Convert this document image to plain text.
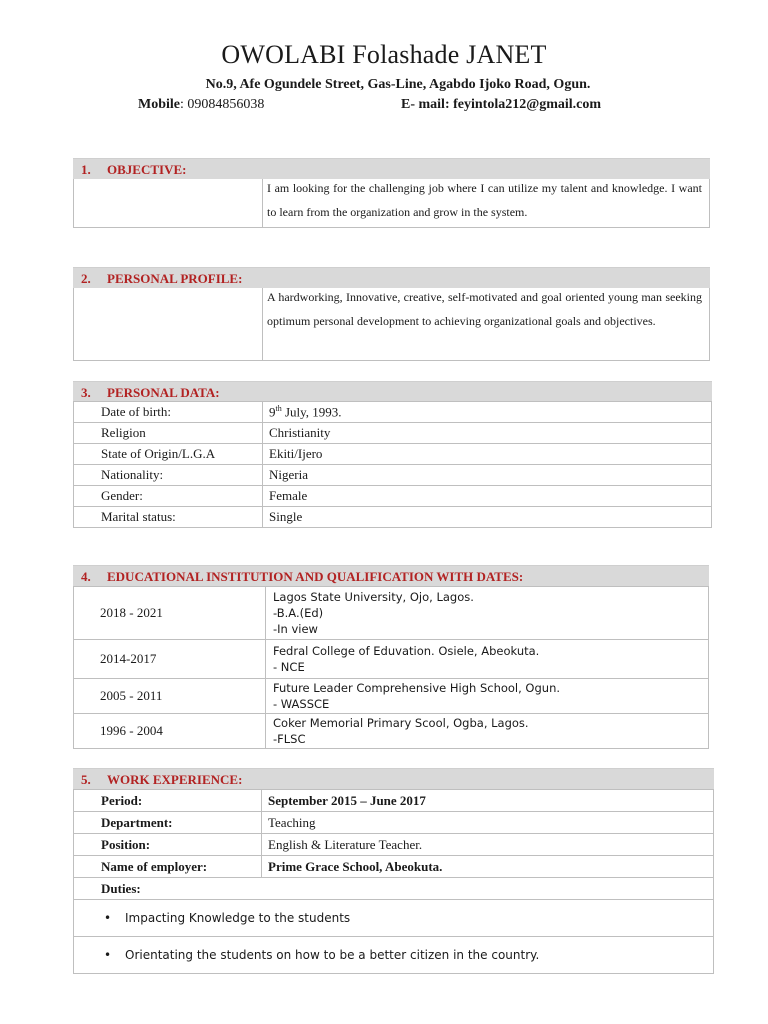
OWOLABI Folashade JANET
No.9, Afe Ogundele Street, Gas-Line, Agabdo Ijoko Road, Ogun.
Mobile: 09084856038	E- mail: feyintola212@gmail.com
1. OBJECTIVE:
I am looking for the challenging job where I can utilize my talent and knowledge. I want to learn from the organization and grow in the system.
2. PERSONAL PROFILE:
A hardworking, Innovative, creative, self-motivated and goal oriented young man seeking optimum personal development to achieving organizational goals and objectives.
3. PERSONAL DATA:
Date of birth:	9th July, 1993.
Religion	Christianity
State of Origin/L.G.A	Ekiti/Ijero
Nationality:	Nigeria
Gender:	Female
Marital status:	Single
4. EDUCATIONAL INSTITUTION AND QUALIFICATION WITH DATES:
2018 - 2021	Lagos State University, Ojo, Lagos.
-B.A.(Ed)
-In view

2014-2017	Fedral College of Eduvation. Osiele, Abeokuta.
- NCE

2005 - 2011	Future Leader Comprehensive High School, Ogun.
- WASSCE

1996 - 2004	Coker Memorial Primary Scool, Ogba, Lagos.
-FLSC
5. WORK EXPERIENCE:
Period:	September 2015 – June 2017
Department:	Teaching
Position:	English & Literature Teacher.
Name of employer:	Prime Grace School, Abeokuta.
Duties:	
• Impacting Knowledge to the students	
• Orientating the students on how to be a better citizen in the country.	
